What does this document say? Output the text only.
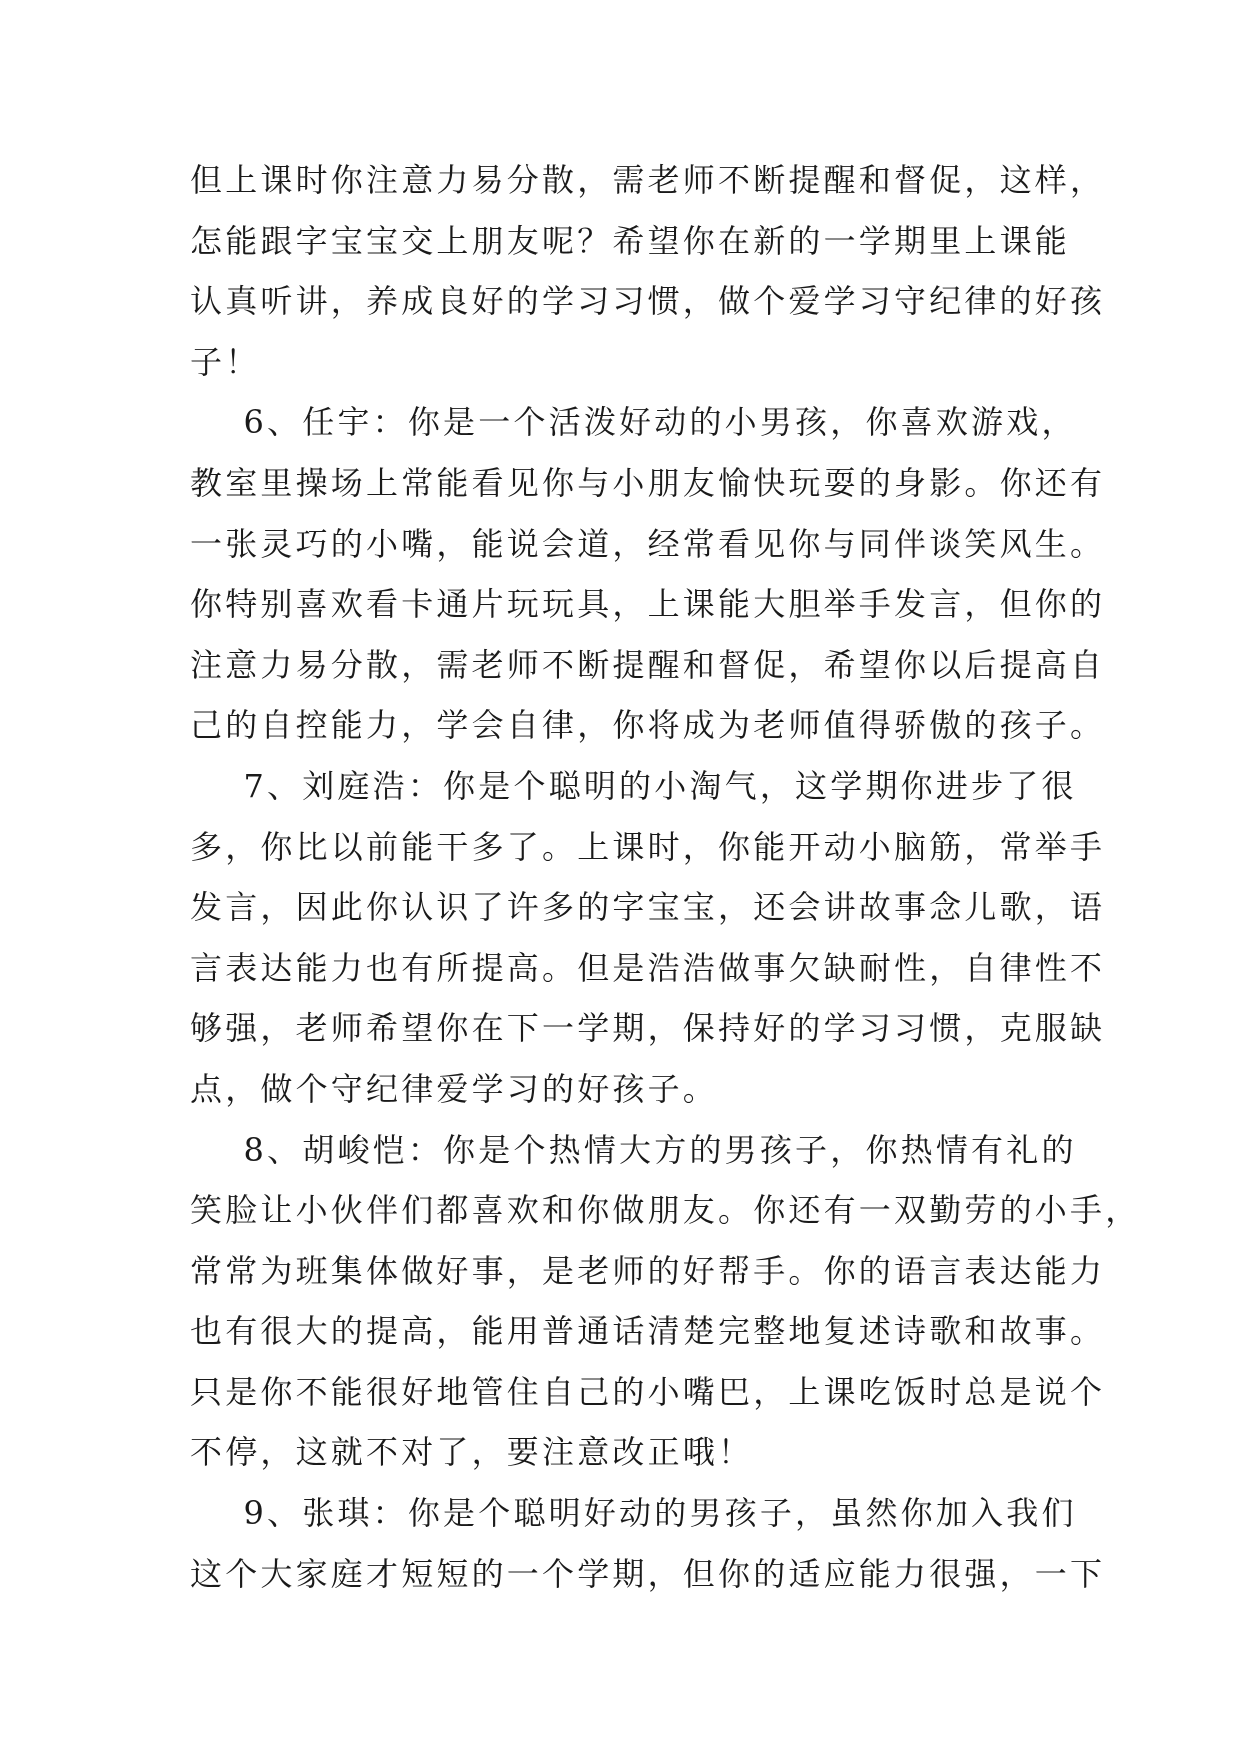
但上课时你注意力易分散，需老师不断提醒和督促，这样，
怎能跟字宝宝交上朋友呢？希望你在新的一学期里上课能
认真听讲，养成良好的学习习惯，做个爱学习守纪律的好孩
子！
6、任宇：你是一个活泼好动的小男孩，你喜欢游戏，
教室里操场上常能看见你与小朋友愉快玩耍的身影。你还有
一张灵巧的小嘴，能说会道，经常看见你与同伴谈笑风生。
你特别喜欢看卡通片玩玩具，上课能大胆举手发言，但你的
注意力易分散，需老师不断提醒和督促，希望你以后提高自
己的自控能力，学会自律，你将成为老师值得骄傲的孩子。
7、刘庭浩：你是个聪明的小淘气，这学期你进步了很
多，你比以前能干多了。上课时，你能开动小脑筋，常举手
发言，因此你认识了许多的字宝宝，还会讲故事念儿歌，语
言表达能力也有所提高。但是浩浩做事欠缺耐性，自律性不
够强，老师希望你在下一学期，保持好的学习习惯，克服缺
点，做个守纪律爱学习的好孩子。
8、胡峻恺：你是个热情大方的男孩子，你热情有礼的
笑脸让小伙伴们都喜欢和你做朋友。你还有一双勤劳的小手，
常常为班集体做好事，是老师的好帮手。你的语言表达能力
也有很大的提高，能用普通话清楚完整地复述诗歌和故事。
只是你不能很好地管住自己的小嘴巴，上课吃饭时总是说个
不停，这就不对了，要注意改正哦！
9、张琪：你是个聪明好动的男孩子，虽然你加入我们
这个大家庭才短短的一个学期，但你的适应能力很强，一下
